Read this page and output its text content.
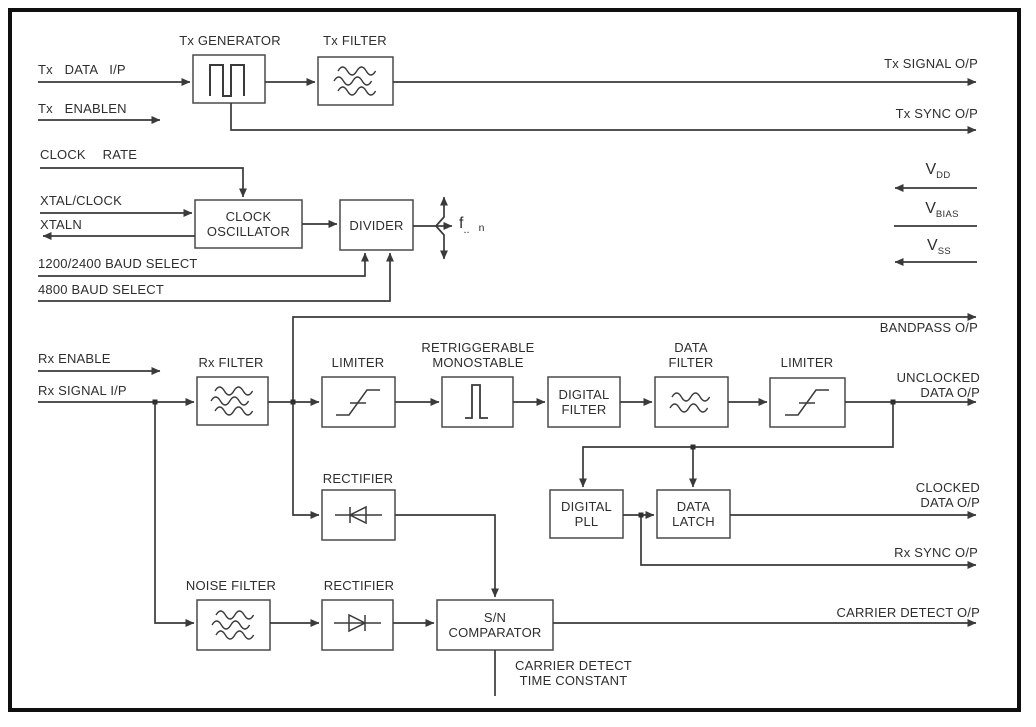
Tx GENERATOR	Tx FILTER
Tx DATA I/P
Tx ENABLEN
Tx SIGNAL O/P
Tx SYNC O/P
CLOCK RATE
XTAL/CLOCK
XTALN
CLOCK OSCILLATOR	DIVIDER	$f_{..}$ n
1200/2400 BAUD SELECT
4800 BAUD SELECT
$V_{DD}$
$V_{BIAS}$
$V_{SS}$
Rx ENABLE
Rx SIGNAL I/P
Rx FILTER	LIMITER
RETRIGGERABLE MONOSTABLE
DIGITAL FILTER
DATA FILTER	LIMITER
BANDPASS O/P
UNCLOCKED DATA O/P
RECTIFIER
DIGITAL PLL
DATA LATCH
CLOCKED DATA O/P
Rx SYNC O/P
NOISE FILTER	RECTIFIER
S/N COMPARATOR
CARRIER DETECT O/P
CARRIER DETECT TIME CONSTANT
